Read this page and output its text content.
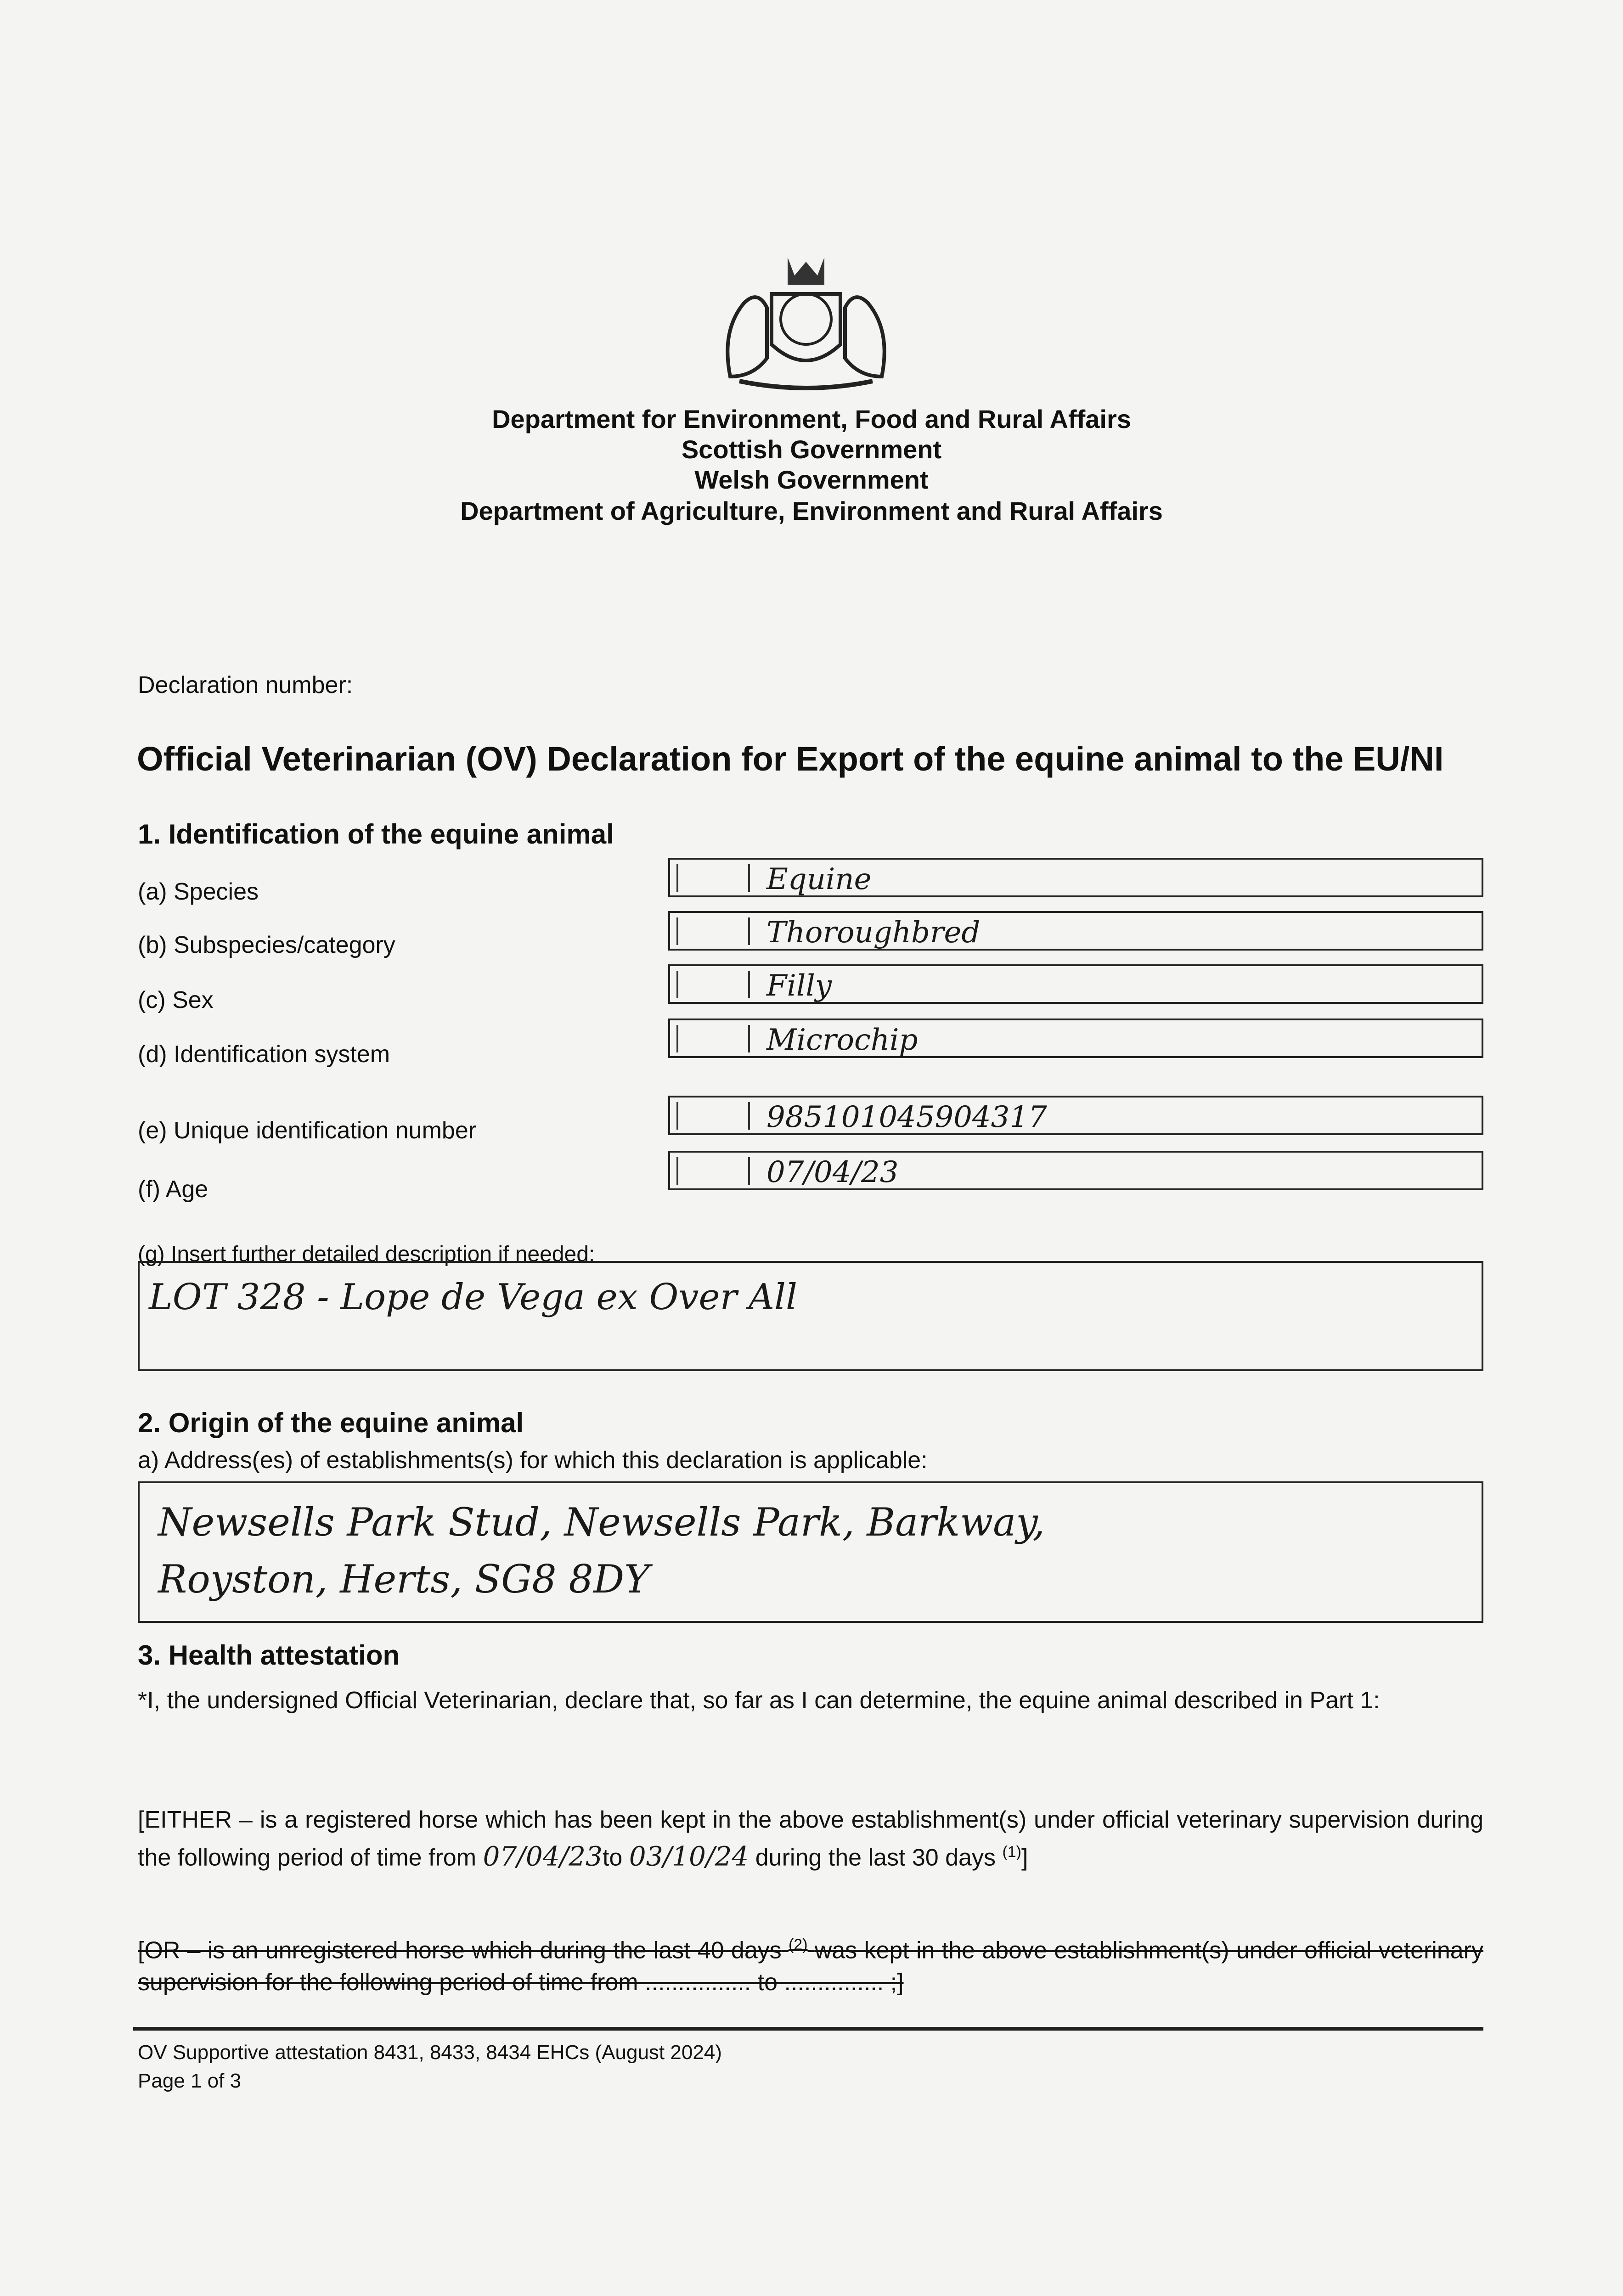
Department for Environment, Food and Rural Affairs
Scottish Government
Welsh Government
Department of Agriculture, Environment and Rural Affairs
Declaration number:
Official Veterinarian (OV) Declaration for Export of the equine animal to the EU/NI
1. Identification of the equine animal
(a) Species	Equine
(b) Subspecies/category	Thoroughbred
(c) Sex	Filly
(d) Identification system	Microchip
(e) Unique identification number	985101045904317
(f) Age	07/04/23
(g) Insert further detailed description if needed:
LOT 328 - Lope de Vega ex Over All
2. Origin of the equine animal
a) Address(es) of establishments(s) for which this declaration is applicable:
Newsells Park Stud, Newsells Park, Barkway,
Royston, Herts, SG8 8DY
3. Health attestation
*I, the undersigned Official Veterinarian, declare that, so far as I can determine, the equine animal described in Part 1:
[EITHER – is a registered horse which has been kept in the above establishment(s) under official veterinary supervision during the following period of time from 07/04/23to 03/10/24 during the last 30 days $^{(1)}$]
[OR – is an unregistered horse which during the last 40 days $^{(2)}$ was kept in the above establishment(s) under official veterinary supervision for the following period of time from ................ to ............... ;]
OV Supportive attestation 8431, 8433, 8434 EHCs (August 2024)
Page 1 of 3
